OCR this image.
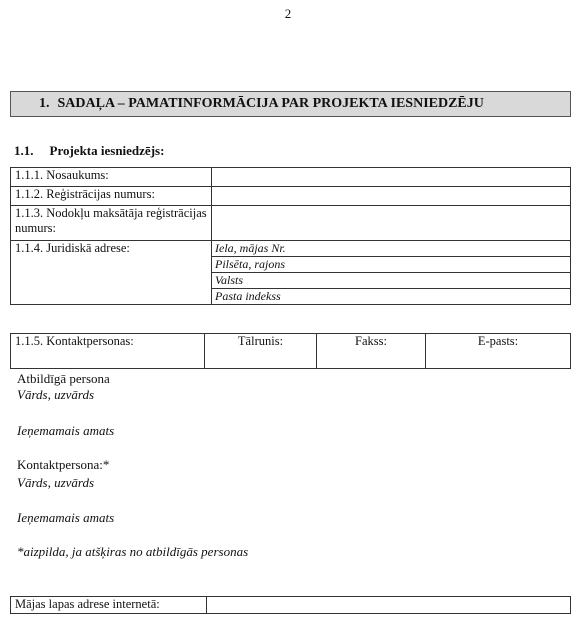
2
1. SADAĻA – PAMATINFORMĀCIJA PAR PROJEKTA IESNIEDZĒJU
1.1. Projekta iesniedzējs:
1.1.1. Nosaukums:	
1.1.2. Reģistrācijas numurs:	
1.1.3. Nodokļu maksātāja reģistrācijas numurs:	
1.1.4. Juridiskā adrese:	Iela, mājas Nr.
	Pilsēta, rajons
	Valsts
	Pasta indekss
1.1.5. Kontaktpersonas:	Tālrunis:	Fakss:	E-pasts:
Atbildīgā persona
Vārds, uzvārds
Ieņemamais amats
Kontaktpersona:*
Vārds, uzvārds
Ieņemamais amats
*aizpilda, ja atšķiras no atbildīgās personas
Mājas lapas adrese internetā:	
